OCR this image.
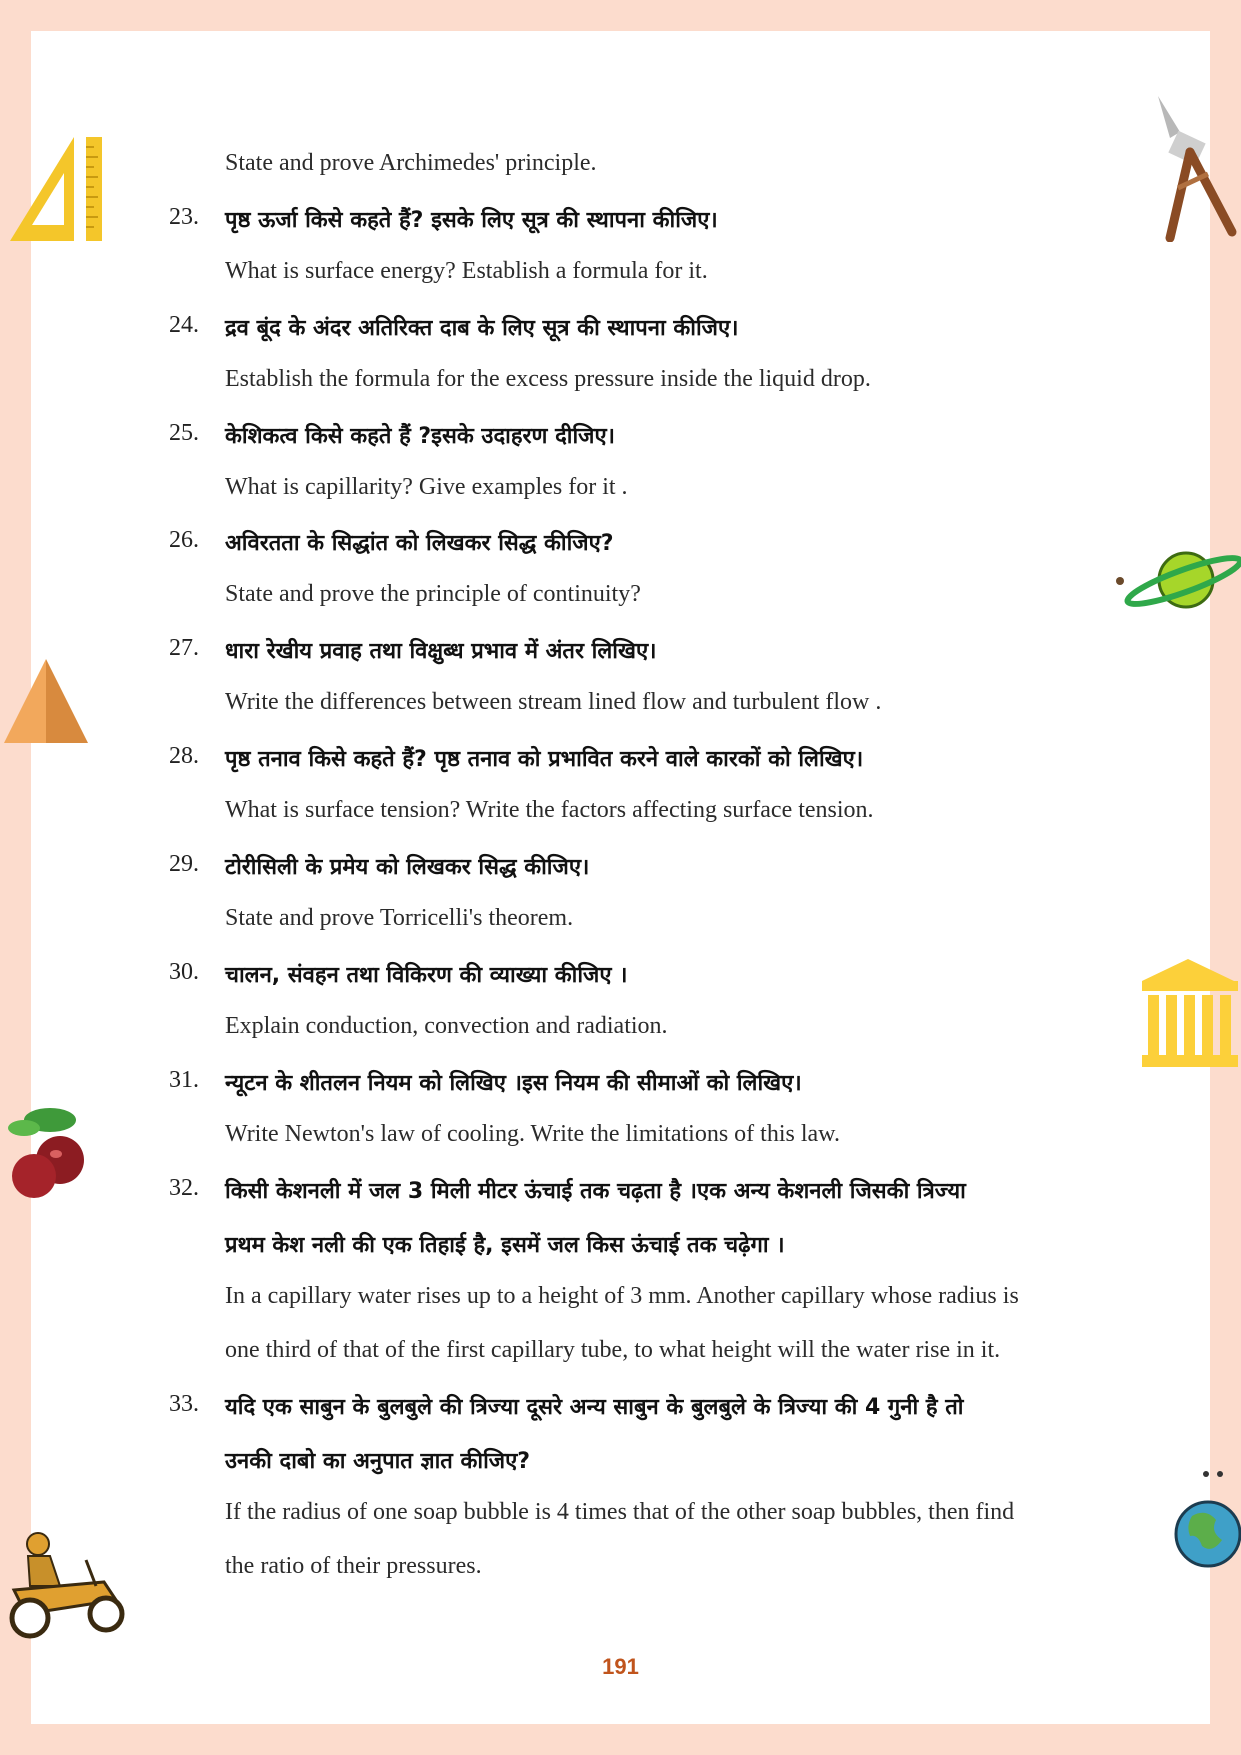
23.
24.
25.
26.
27.
28.
29.
30.
31.
32.
33.
State and prove Archimedes' principle.
पृष्ठ ऊर्जा किसे कहते हैं? इसके लिए सूत्र की स्थापना कीजिए।
What is surface energy? Establish a formula for it.
द्रव बूंद के अंदर अतिरिक्त दाब के लिए सूत्र की स्थापना कीजिए।
Establish the formula for the excess pressure inside the liquid drop.
केशिकत्व किसे कहते हैं ?इसके उदाहरण दीजिए।
What is capillarity? Give examples for it .
अविरतता के सिद्धांत को लिखकर सिद्ध कीजिए?
State and prove the principle of continuity?
धारा रेखीय प्रवाह तथा विक्षुब्ध प्रभाव में अंतर लिखिए।
Write the differences between stream lined flow and turbulent flow .
पृष्ठ तनाव किसे कहते हैं? पृष्ठ तनाव को प्रभावित करने वाले कारकों को लिखिए।
What is surface tension? Write the factors affecting surface tension.
टोरीसिली के प्रमेय को लिखकर सिद्ध कीजिए।
State and prove Torricelli's theorem.
चालन, संवहन तथा विकिरण की व्याख्या कीजिए ।
Explain conduction, convection and radiation.
न्यूटन के शीतलन नियम को लिखिए ।इस नियम की सीमाओं को लिखिए।
Write Newton's law of cooling. Write the limitations of this law.
किसी केशनली में जल 3 मिली मीटर ऊंचाई तक चढ़ता है ।एक अन्य केशनली जिसकी त्रिज्या
प्रथम केश नली की एक तिहाई है, इसमें जल किस ऊंचाई तक चढ़ेगा ।
In a capillary water rises up to a height of 3 mm. Another capillary whose radius is
one third of that of the first capillary tube, to what height will the water rise in it.
यदि एक साबुन के बुलबुले की त्रिज्या दूसरे अन्य साबुन के बुलबुले के त्रिज्या की 4 गुनी है तो
उनकी दाबो का अनुपात ज्ञात कीजिए?
If the radius of one soap bubble is 4 times that of the other soap bubbles, then find
the ratio of their pressures.
191
